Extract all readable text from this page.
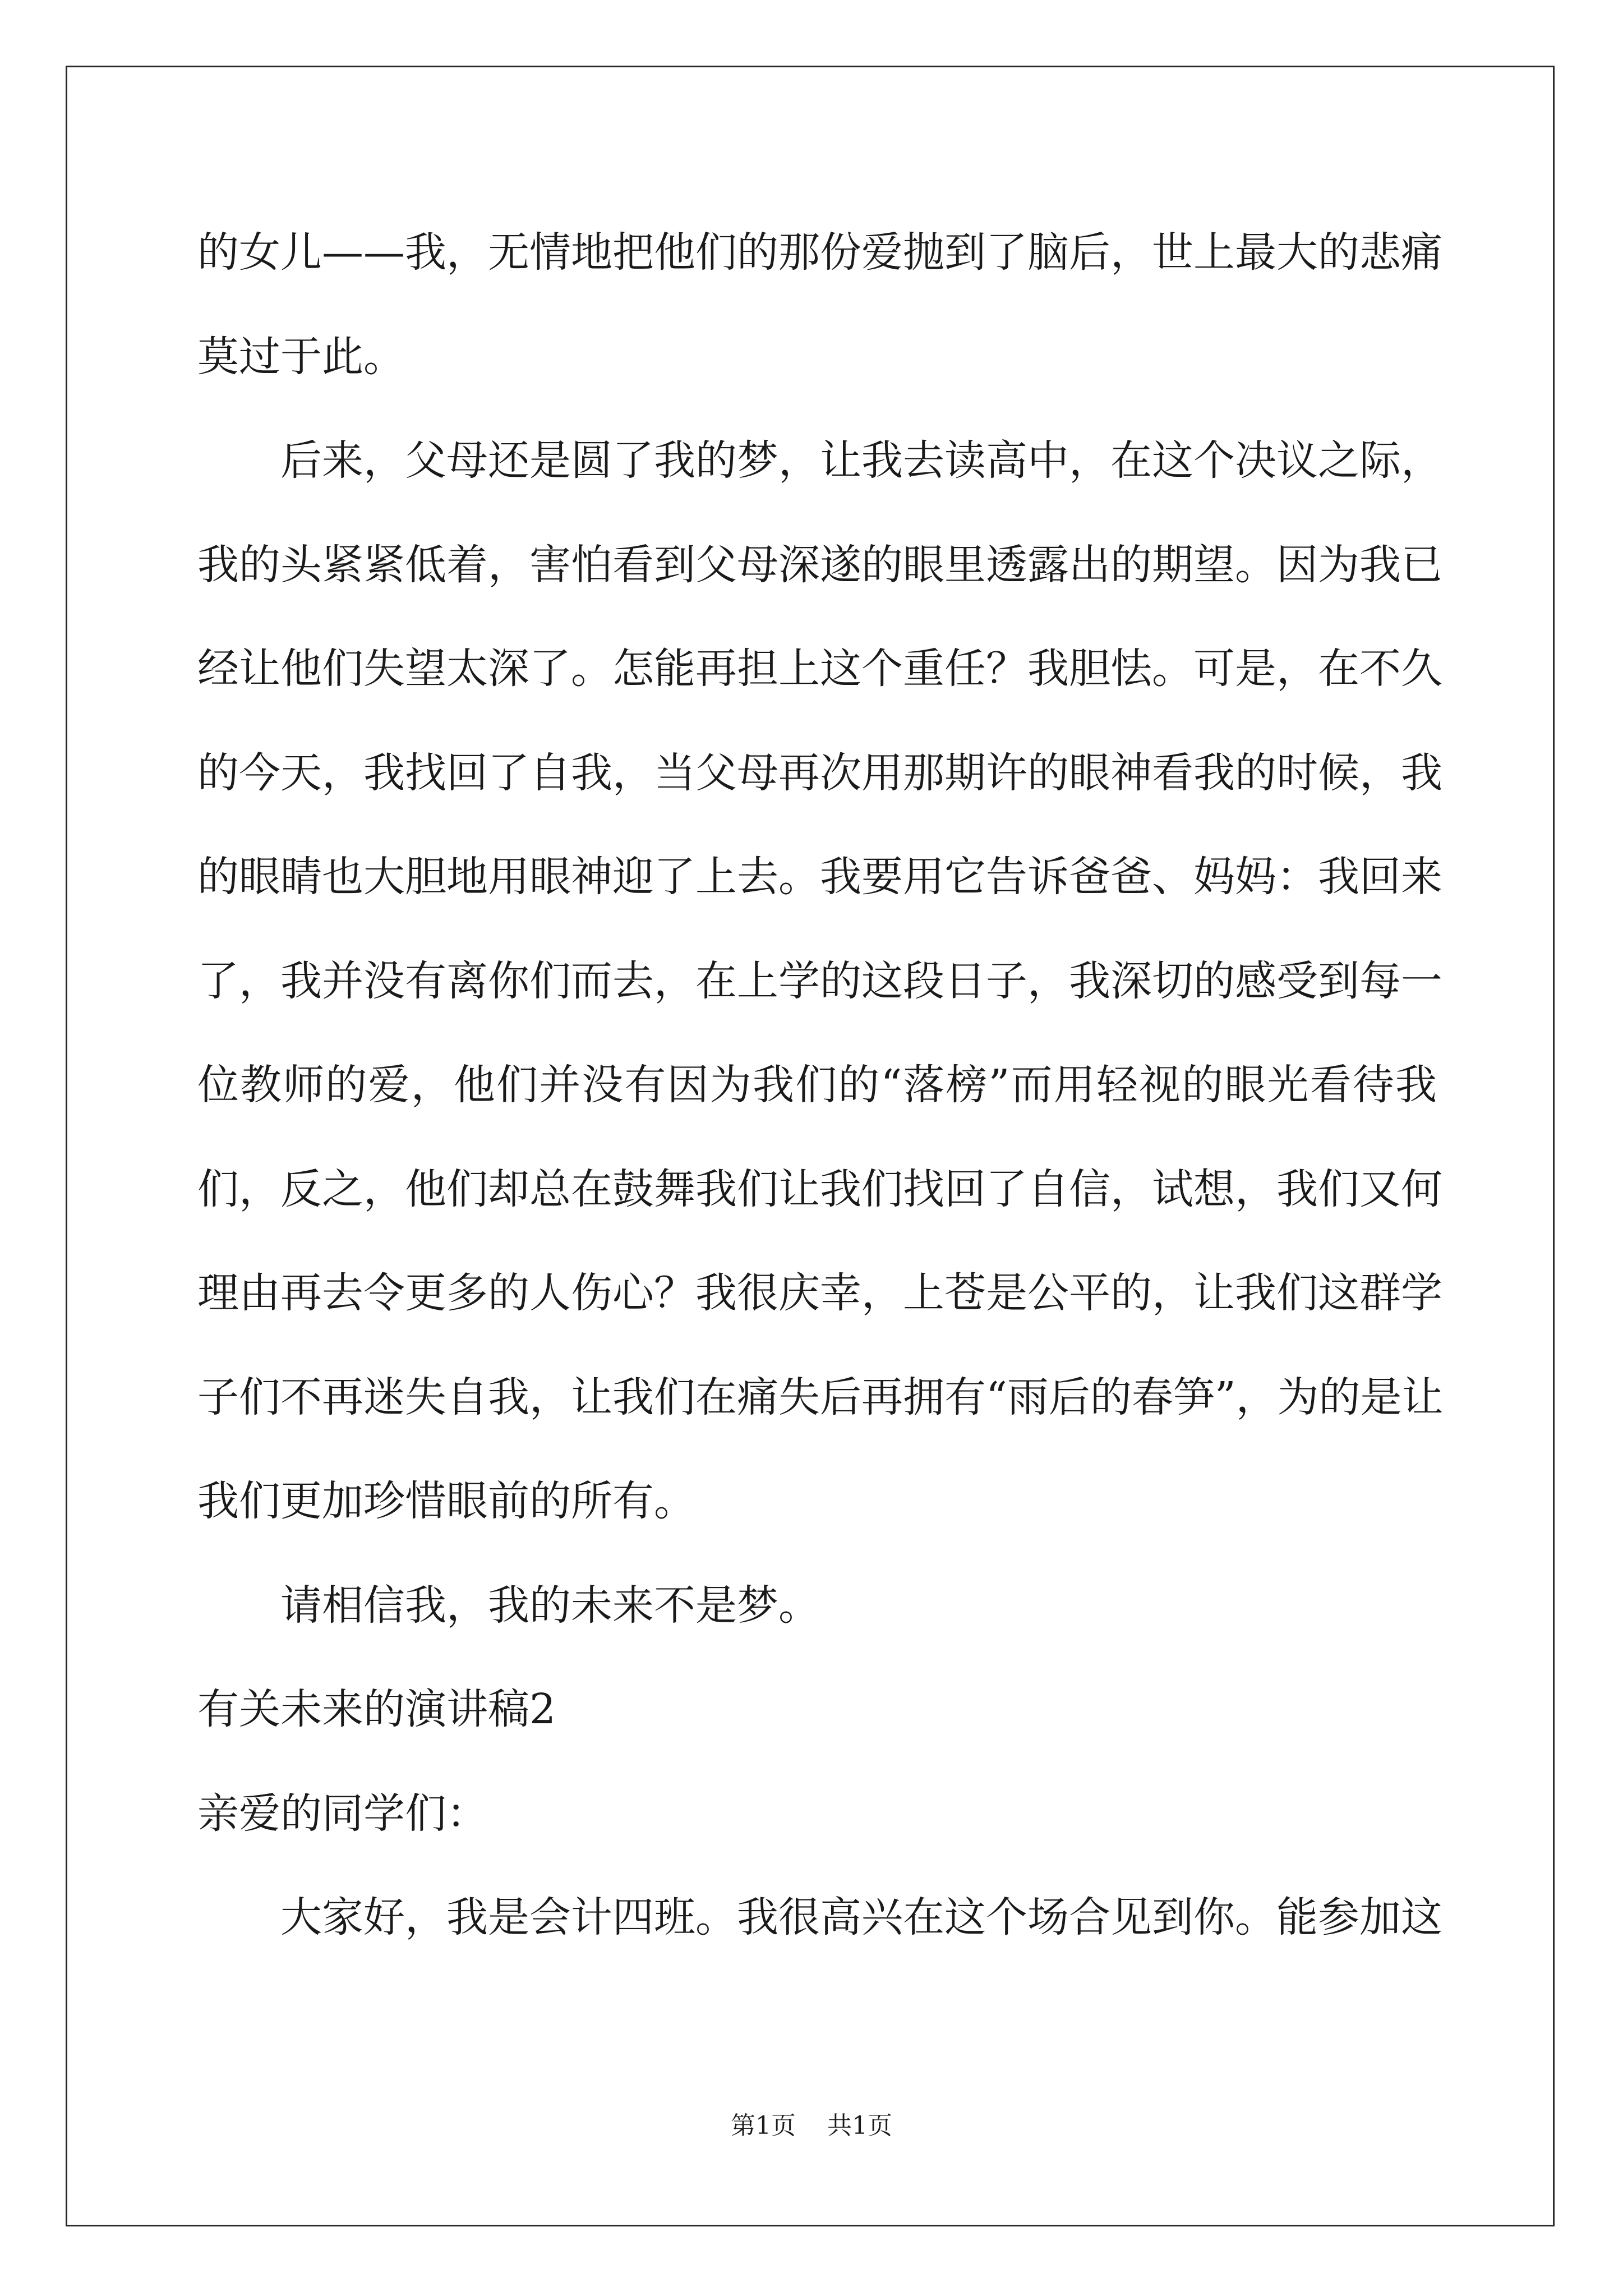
的女儿——我，无情地把他们的那份爱抛到了脑后，世上最大的悲痛
莫过于此。
后来，父母还是圆了我的梦，让我去读高中，在这个决议之际，
我的头紧紧低着，害怕看到父母深遂的眼里透露出的期望。因为我已
经让他们失望太深了。怎能再担上这个重任？我胆怯。可是，在不久
的今天，我找回了自我，当父母再次用那期许的眼神看我的时候，我
的眼睛也大胆地用眼神迎了上去。我要用它告诉爸爸、妈妈：我回来
了，我并没有离你们而去，在上学的这段日子，我深切的感受到每一
位教师的爱，他们并没有因为我们的“落榜”而用轻视的眼光看待我
们，反之，他们却总在鼓舞我们让我们找回了自信，试想，我们又何
理由再去令更多的人伤心？我很庆幸，上苍是公平的，让我们这群学
子们不再迷失自我，让我们在痛失后再拥有“雨后的春笋”，为的是让
我们更加珍惜眼前的所有。
请相信我，我的未来不是梦。
有关未来的演讲稿2
亲爱的同学们：
大家好，我是会计四班。我很高兴在这个场合见到你。能参加这
第1页 共1页
